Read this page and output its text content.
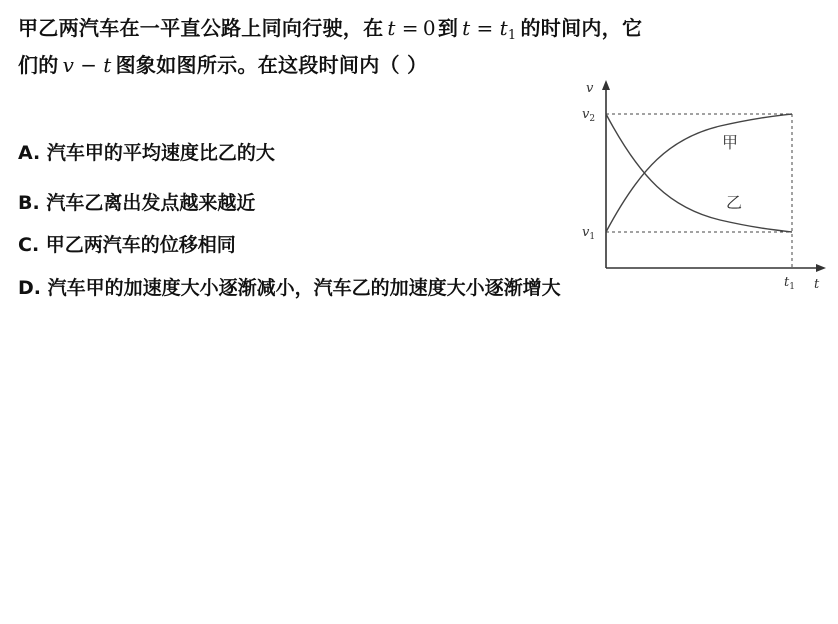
甲乙两汽车在一平直公路上同向行驶，在 t = 0 到 $t = t_1$ 的时间内，它
们的 v − t 图象如图所示。在这段时间内（ ）
A. 汽车甲的平均速度比乙的大
B. 汽车乙离出发点越来越近
C. 甲乙两汽车的位移相同
D. 汽车甲的加速度大小逐渐减小，汽车乙的加速度大小逐渐增大
v
t
$v_2$
$v_1$
$t_1$
甲
乙
